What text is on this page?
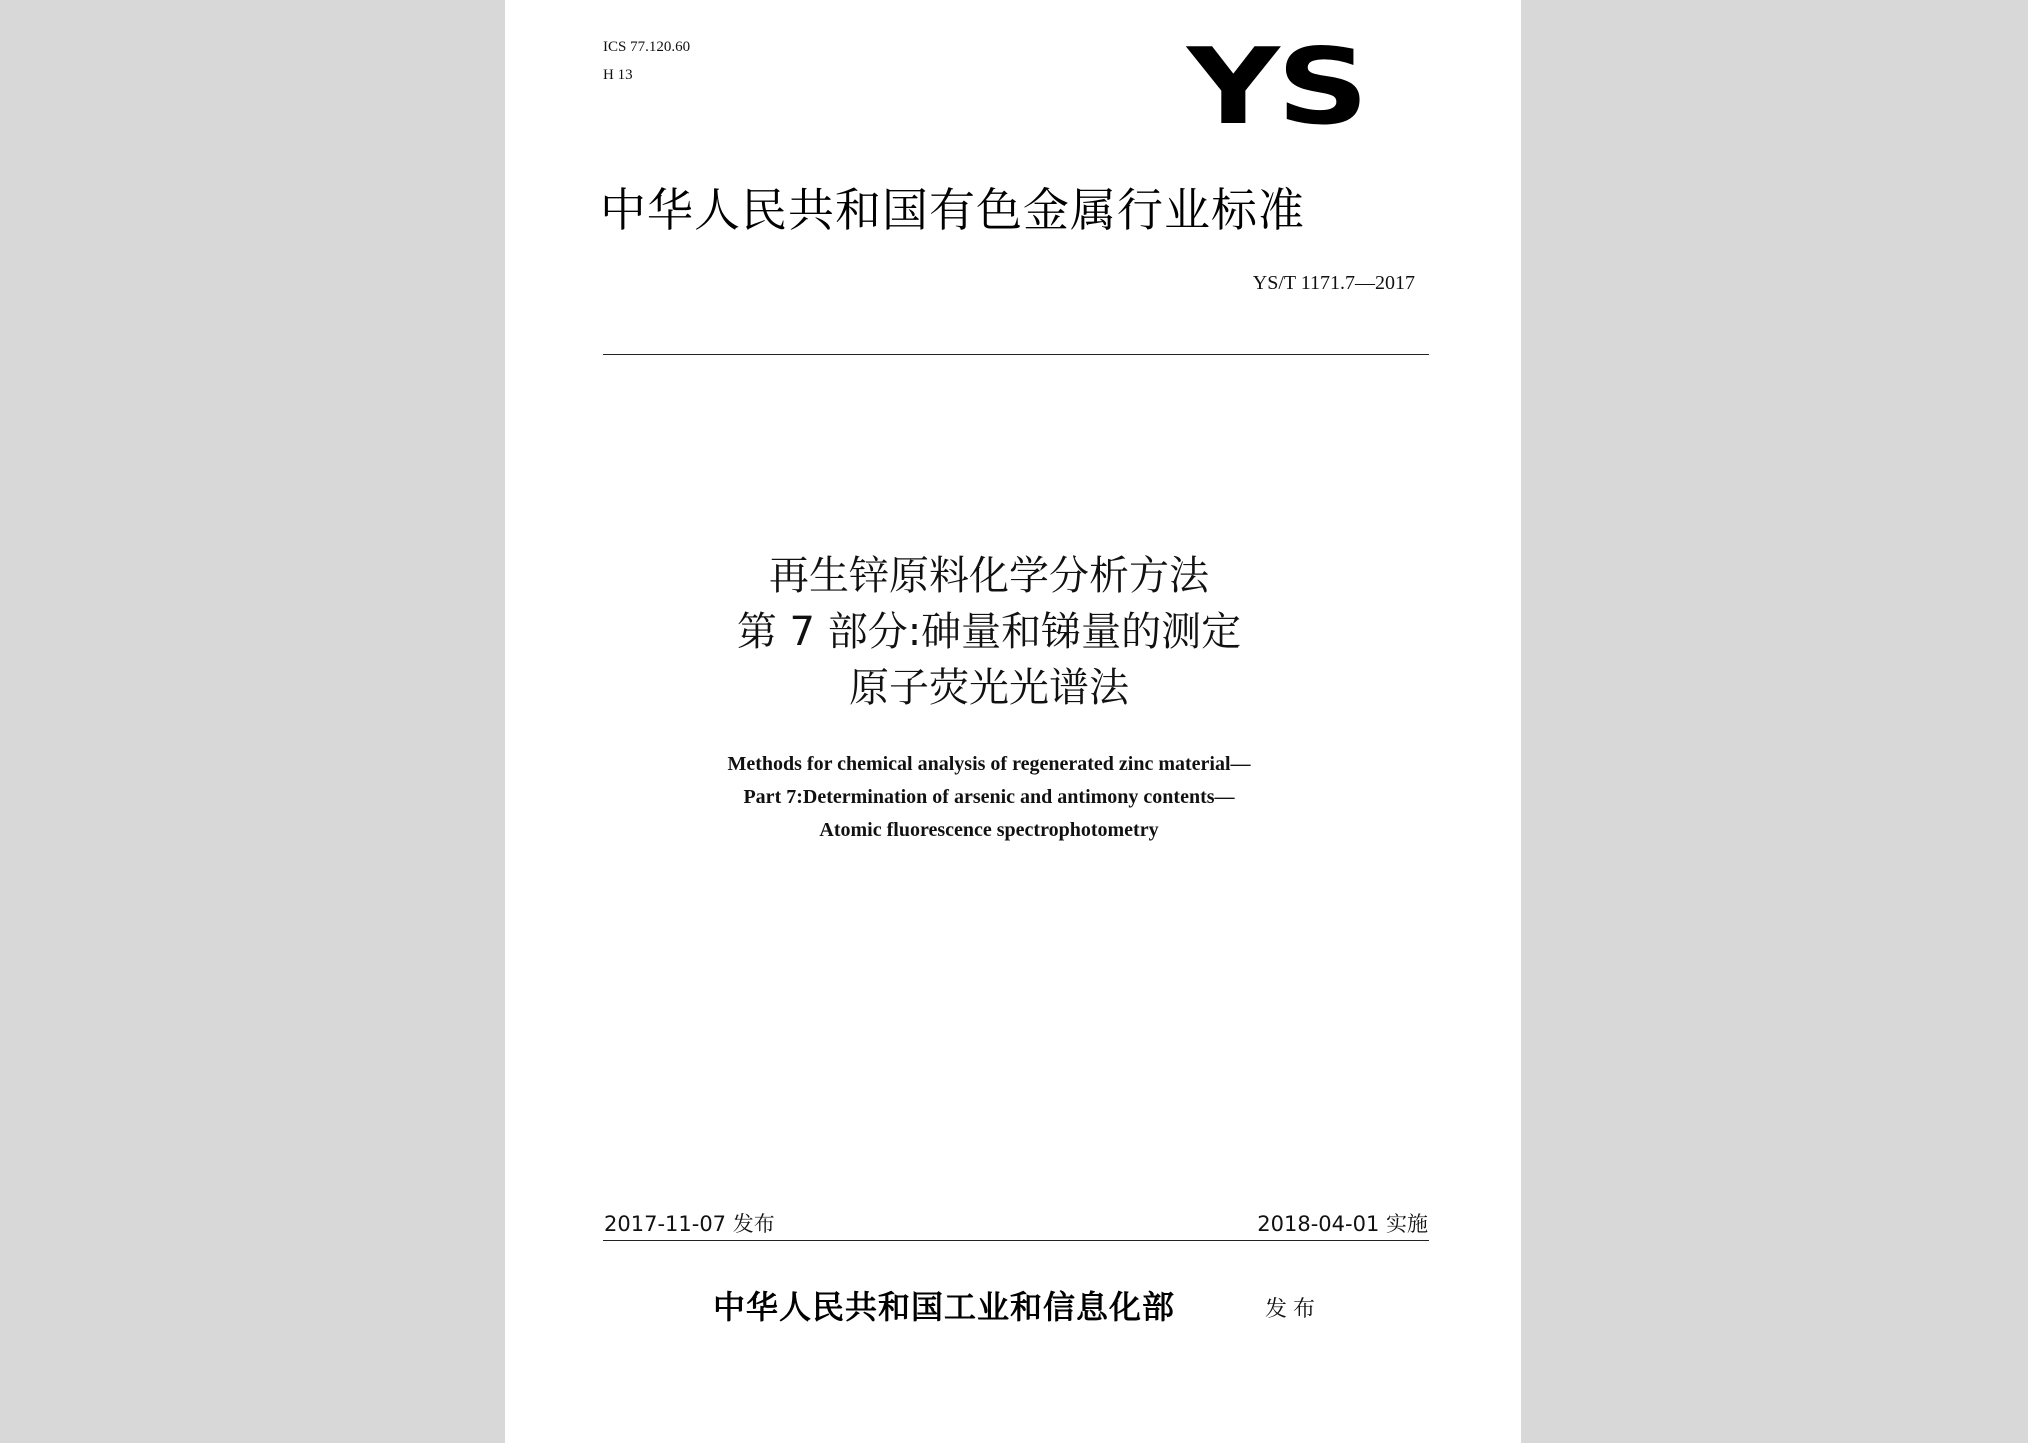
ICS 77.120.60
H 13	YS
中华人民共和国有色金属行业标准
YS/T 1171.7—2017
再生锌原料化学分析方法
第 7 部分:砷量和锑量的测定
原子荧光光谱法
Methods for chemical analysis of regenerated zinc material—
Part 7:Determination of arsenic and antimony contents—
Atomic fluorescence spectrophotometry
2017-11-07 发布	2018-04-01 实施
中华人民共和国工业和信息化部	发布
